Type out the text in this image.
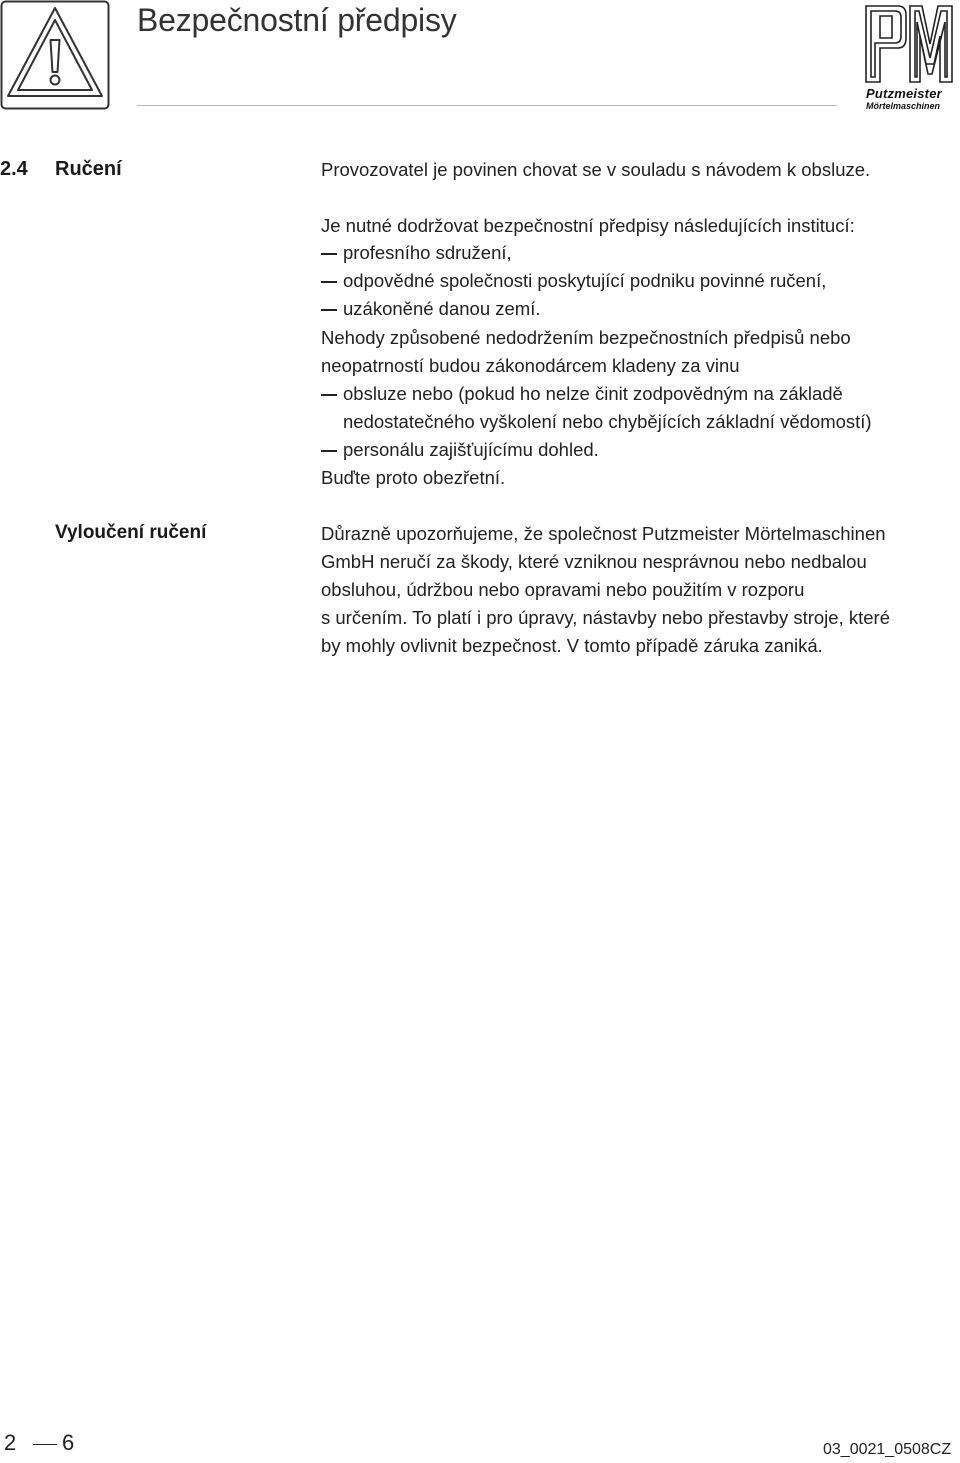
Bezpečnostní předpisy
Putzmeister
Mörtelmaschinen
2.4 Ručení	Provozovatel je povinen chovat se v souladu s návodem k obsluze.
Je nutné dodržovat bezpečnostní předpisy následujících institucí:
profesního sdružení,
odpovědné společnosti poskytující podniku povinné ručení,
uzákoněné danou zemí.
Nehody způsobené nedodržením bezpečnostních předpisů nebo
neopatrností budou zákonodárcem kladeny za vinu
obsluze nebo (pokud ho nelze činit zodpovědným na základě
nedostatečného vyškolení nebo chybějících základní vědomostí)
personálu zajišťujícímu dohled.
Buďte proto obezřetní.
Vyloučení ručení	Důrazně upozorňujeme, že společnost Putzmeister Mörtelmaschinen
GmbH neručí za škody, které vzniknou nesprávnou nebo nedbalou
obsluhou, údržbou nebo opravami nebo použitím v rozporu
s určením. To platí i pro úpravy, nástavby nebo přestavby stroje, které
by mohly ovlivnit bezpečnost. V tomto případě záruka zaniká.
2 6	03_0021_0508CZ
